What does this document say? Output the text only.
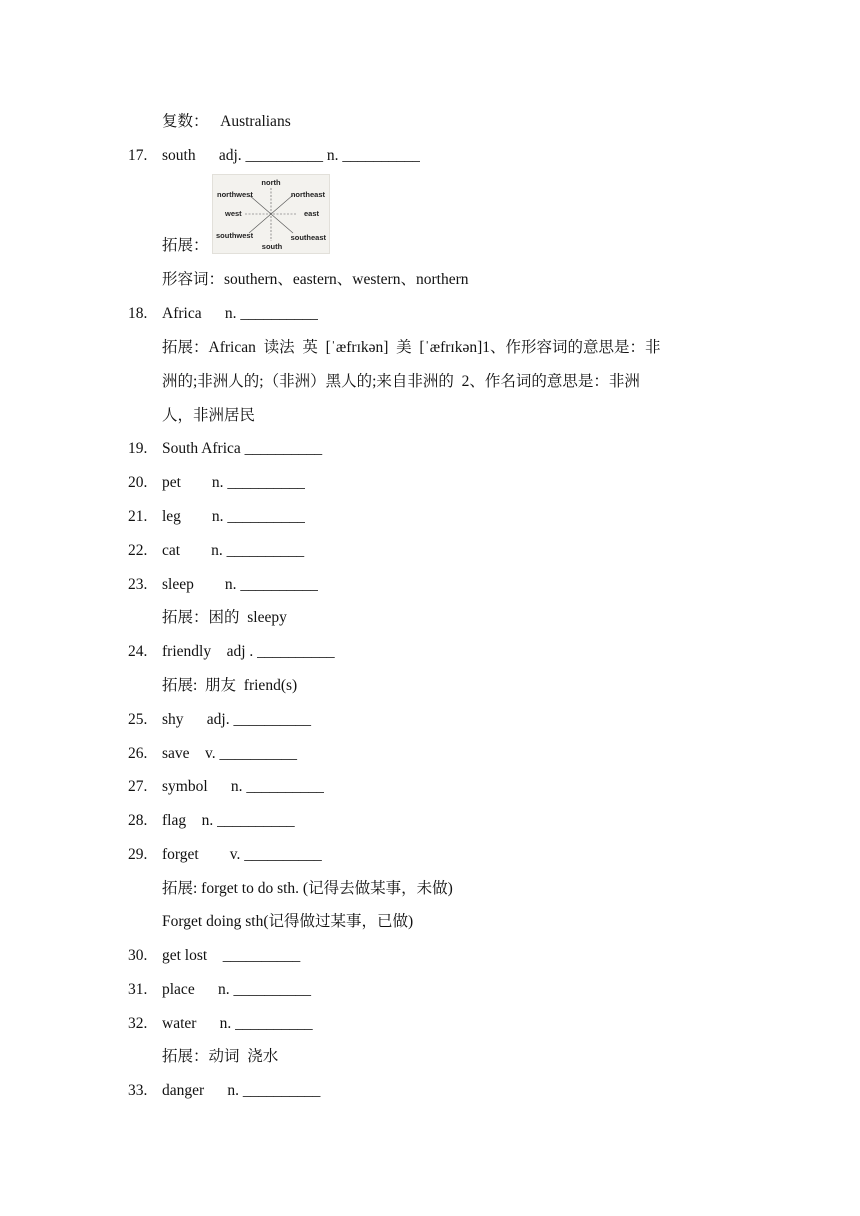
复数：   Australians
17. south      adj. __________ n. __________
拓展：
north
northwest	northeast
west	east
southwest	southeast
south
形容词：southern、eastern、western、northern
18. Africa      n. __________
拓展：African  读法  英  [ˈæfrɪkən]  美  [ˈæfrɪkən]1、作形容词的意思是：非
洲的;非洲人的;（非洲）黑人的;来自非洲的  2、作名词的意思是：非洲
人，非洲居民
19. South Africa __________
20. pet        n. __________
21. leg        n. __________
22. cat        n. __________
23. sleep        n. __________
拓展：困的  sleepy
24. friendly    adj . __________
拓展:  朋友  friend(s)
25. shy      adj. __________
26. save    v. __________
27. symbol      n. __________
28. flag    n. __________
29. forget        v. __________
拓展: forget to do sth. (记得去做某事，未做)
Forget doing sth(记得做过某事，已做)
30. get lost    __________
31. place      n. __________
32. water      n. __________
拓展：动词  浇水
33. danger      n. __________
